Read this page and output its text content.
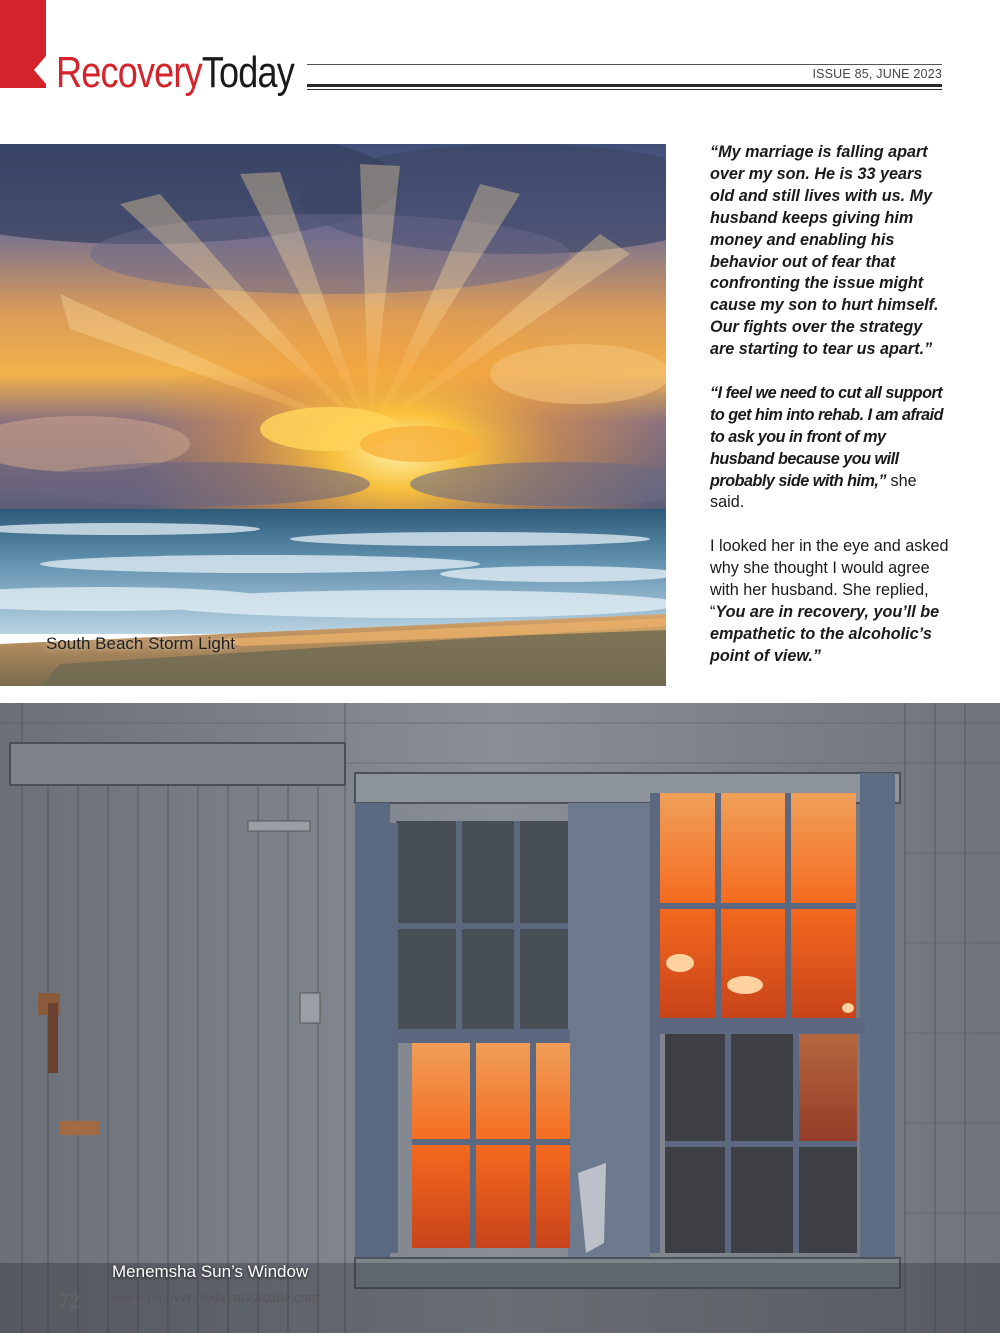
RecoveryToday	ISSUE 85, JUNE 2023
South Beach Storm Light

“My marriage is falling apart over my son. He is 33 years old and still lives with us. My husband keeps giving him money and enabling his behavior out of fear that confronting the issue might cause my son to hurt himself. Our fights over the strategy are starting to tear us apart.”

“I feel we need to cut all support to get him into rehab. I am afraid to ask you in front of my husband because you will probably side with him,” she said.

I looked her in the eye and asked why she thought I would agree with her husband. She replied, “You are in recovery, you’ll be empathetic to the alcoholic’s point of view.”

Menemsha Sun’s Window
72 www.recoverytodaymagazine.com
